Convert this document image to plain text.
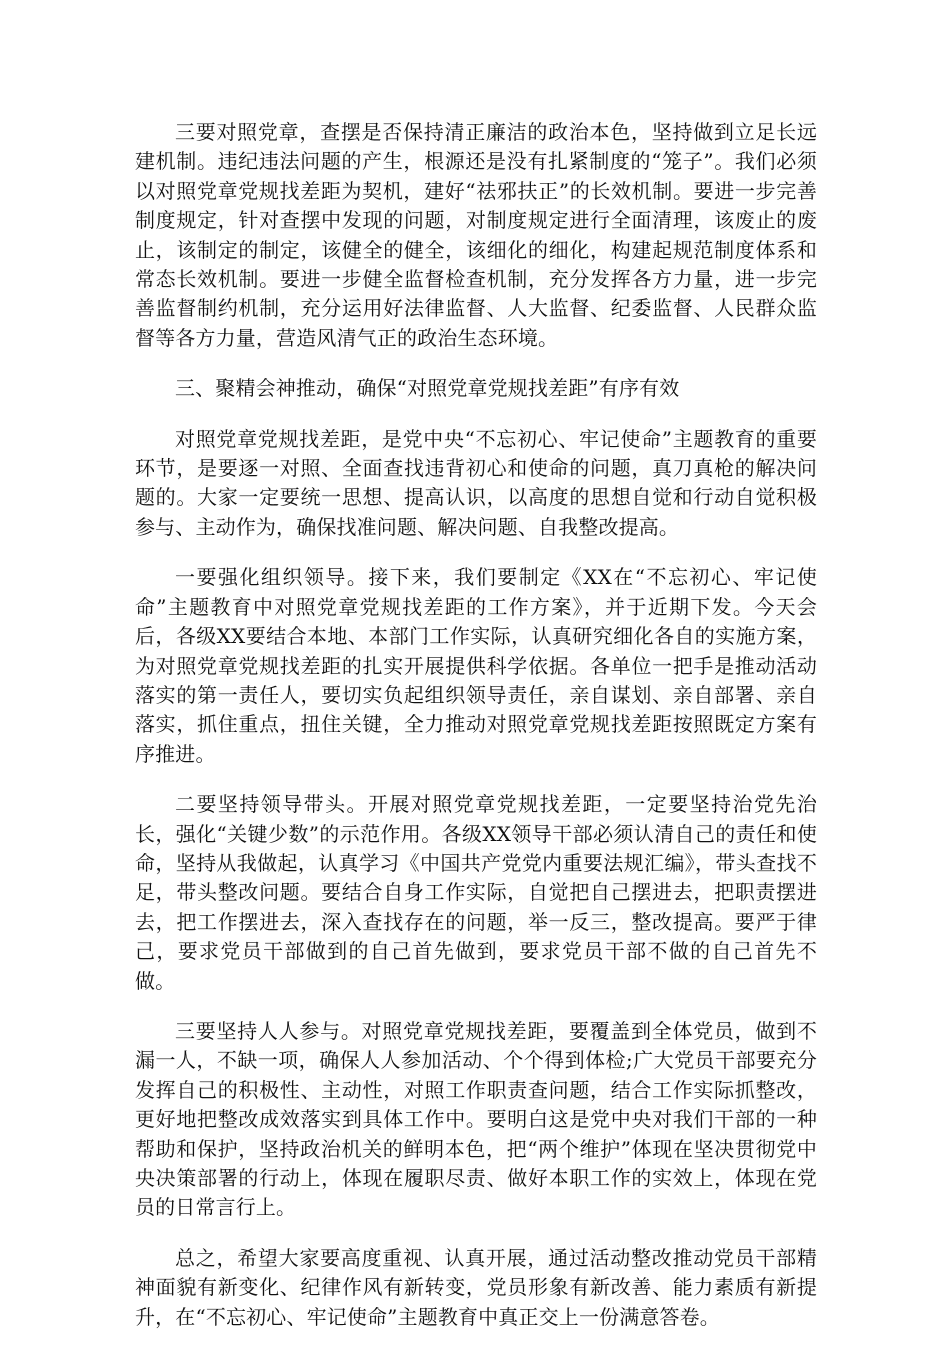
三要对照党章，查摆是否保持清正廉洁的政治本色，坚持做到立足长远建机制。违纪违法问题的产生，根源还是没有扎紧制度的“笼子”。我们必须以对照党章党规找差距为契机，建好“祛邪扶正”的长效机制。要进一步完善制度规定，针对查摆中发现的问题，对制度规定进行全面清理，该废止的废止，该制定的制定，该健全的健全，该细化的细化，构建起规范制度体系和常态长效机制。要进一步健全监督检查机制，充分发挥各方力量，进一步完善监督制约机制，充分运用好法律监督、人大监督、纪委监督、人民群众监督等各方力量，营造风清气正的政治生态环境。

三、聚精会神推动，确保“对照党章党规找差距”有序有效

对照党章党规找差距，是党中央“不忘初心、牢记使命”主题教育的重要环节，是要逐一对照、全面查找违背初心和使命的问题，真刀真枪的解决问题的。大家一定要统一思想、提高认识，以高度的思想自觉和行动自觉积极参与、主动作为，确保找准问题、解决问题、自我整改提高。

一要强化组织领导。接下来，我们要制定《XX在“不忘初心、牢记使命”主题教育中对照党章党规找差距的工作方案》，并于近期下发。今天会后，各级XX要结合本地、本部门工作实际，认真研究细化各自的实施方案，为对照党章党规找差距的扎实开展提供科学依据。各单位一把手是推动活动落实的第一责任人，要切实负起组织领导责任，亲自谋划、亲自部署、亲自落实，抓住重点，扭住关键，全力推动对照党章党规找差距按照既定方案有序推进。

二要坚持领导带头。开展对照党章党规找差距，一定要坚持治党先治长，强化“关键少数”的示范作用。各级XX领导干部必须认清自己的责任和使命，坚持从我做起，认真学习《中国共产党党内重要法规汇编》，带头查找不足，带头整改问题。要结合自身工作实际，自觉把自己摆进去，把职责摆进去，把工作摆进去，深入查找存在的问题，举一反三，整改提高。要严于律己，要求党员干部做到的自己首先做到，要求党员干部不做的自己首先不做。

三要坚持人人参与。对照党章党规找差距，要覆盖到全体党员，做到不漏一人，不缺一项，确保人人参加活动、个个得到体检;广大党员干部要充分发挥自己的积极性、主动性，对照工作职责查问题，结合工作实际抓整改，更好地把整改成效落实到具体工作中。要明白这是党中央对我们干部的一种帮助和保护，坚持政治机关的鲜明本色，把“两个维护”体现在坚决贯彻党中央决策部署的行动上，体现在履职尽责、做好本职工作的实效上，体现在党员的日常言行上。

总之，希望大家要高度重视、认真开展，通过活动整改推动党员干部精神面貌有新变化、纪律作风有新转变，党员形象有新改善、能力素质有新提升，在“不忘初心、牢记使命”主题教育中真正交上一份满意答卷。
